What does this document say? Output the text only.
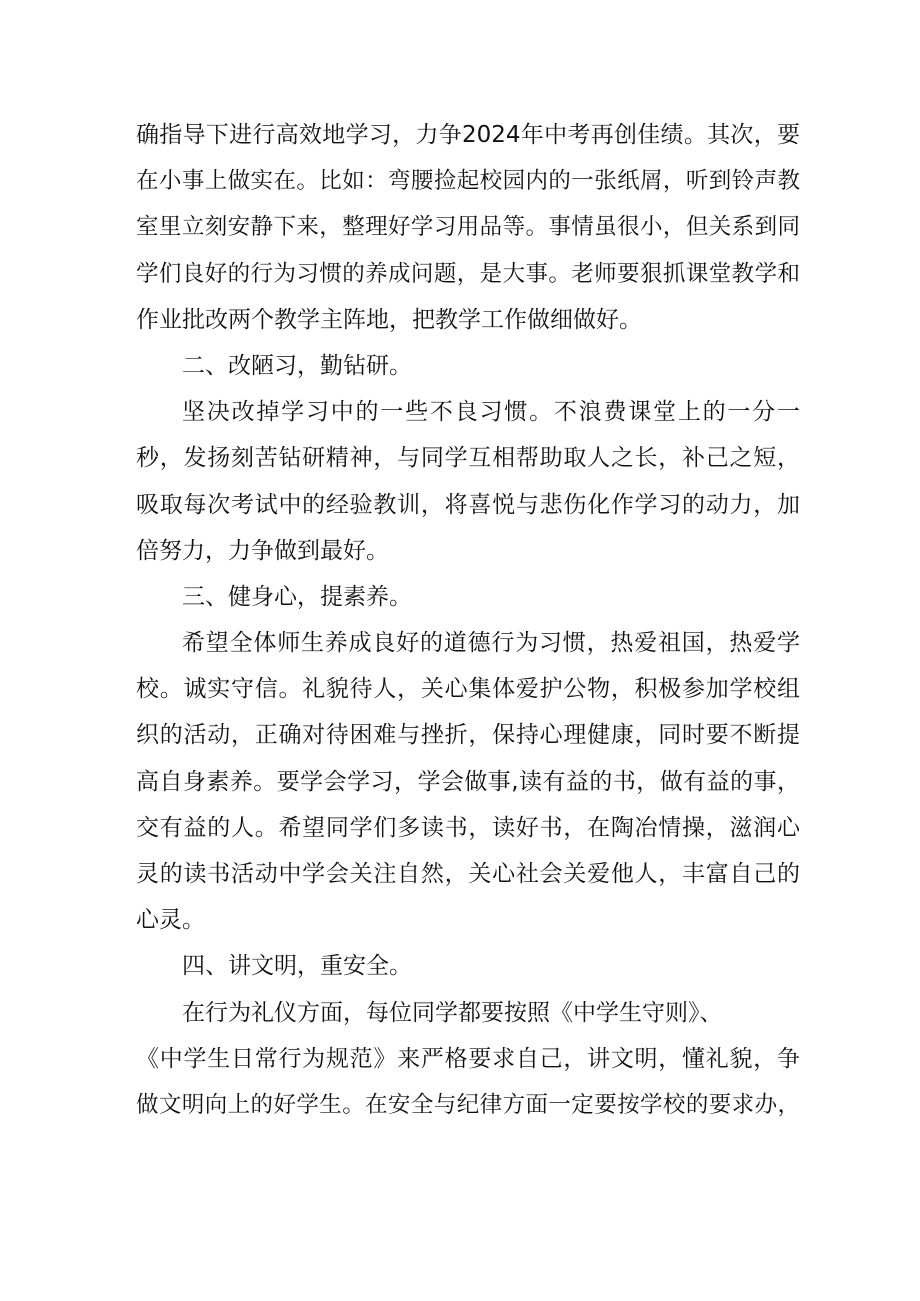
确指导下进行高效地学习，力争2024年中考再创佳绩。其次，要
在小事上做实在。比如：弯腰捡起校园内的一张纸屑，听到铃声教
室里立刻安静下来，整理好学习用品等。事情虽很小，但关系到同
学们良好的行为习惯的养成问题，是大事。老师要狠抓课堂教学和
作业批改两个教学主阵地，把教学工作做细做好。
二、改陋习，勤钻研。
坚决改掉学习中的一些不良习惯。不浪费课堂上的一分一
秒，发扬刻苦钻研精神，与同学互相帮助取人之长，补己之短，
吸取每次考试中的经验教训，将喜悦与悲伤化作学习的动力，加
倍努力，力争做到最好。
三、健身心，提素养。
希望全体师生养成良好的道德行为习惯，热爱祖国，热爱学
校。诚实守信。礼貌待人，关心集体爱护公物，积极参加学校组
织的活动，正确对待困难与挫折，保持心理健康，同时要不断提
高自身素养。要学会学习，学会做事,读有益的书，做有益的事，
交有益的人。希望同学们多读书，读好书，在陶冶情操，滋润心
灵的读书活动中学会关注自然，关心社会关爱他人，丰富自己的
心灵。
四、讲文明，重安全。
在行为礼仪方面，每位同学都要按照《中学生守则》、
《中学生日常行为规范》来严格要求自己，讲文明，懂礼貌，争
做文明向上的好学生。在安全与纪律方面一定要按学校的要求办，
